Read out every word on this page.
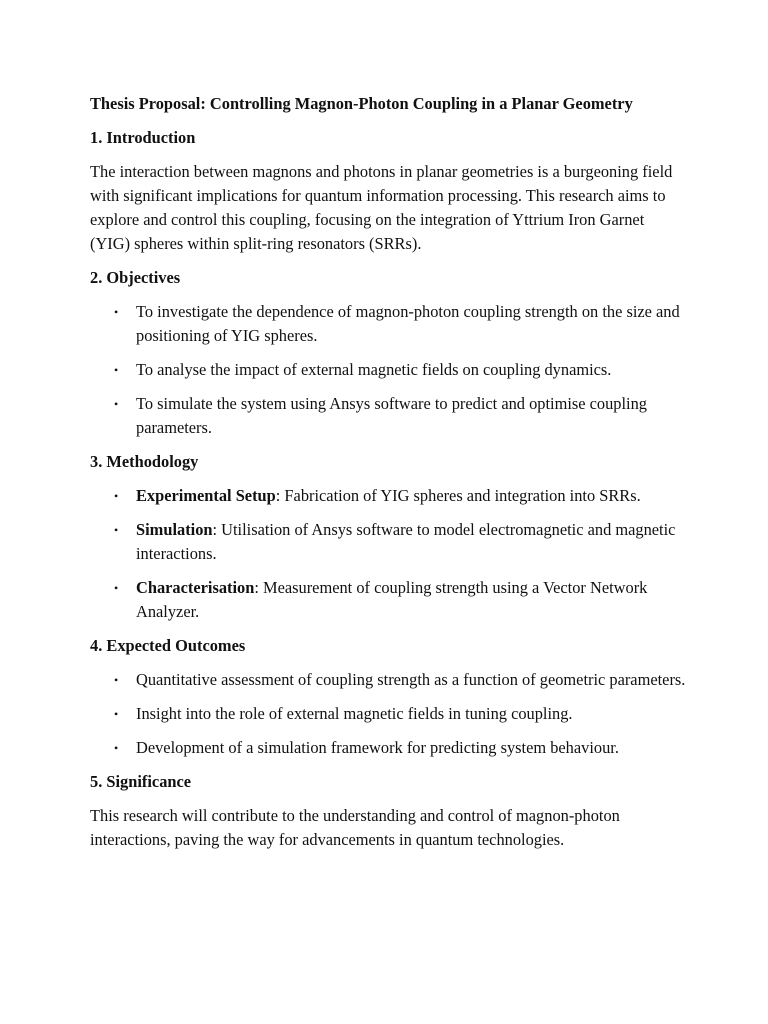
Thesis Proposal: Controlling Magnon-Photon Coupling in a Planar Geometry
1. Introduction

The interaction between magnons and photons in planar geometries is a burgeoning field with significant implications for quantum information processing. This research aims to explore and control this coupling, focusing on the integration of Yttrium Iron Garnet (YIG) spheres within split-ring resonators (SRRs).

2. Objectives
• To investigate the dependence of magnon-photon coupling strength on the size and positioning of YIG spheres.
• To analyse the impact of external magnetic fields on coupling dynamics.
• To simulate the system using Ansys software to predict and optimise coupling parameters.
3. Methodology
• Experimental Setup: Fabrication of YIG spheres and integration into SRRs.
• Simulation: Utilisation of Ansys software to model electromagnetic and magnetic interactions.
• Characterisation: Measurement of coupling strength using a Vector Network Analyzer.
4. Expected Outcomes
• Quantitative assessment of coupling strength as a function of geometric parameters.
• Insight into the role of external magnetic fields in tuning coupling.
• Development of a simulation framework for predicting system behaviour.
5. Significance

This research will contribute to the understanding and control of magnon-photon interactions, paving the way for advancements in quantum technologies.
